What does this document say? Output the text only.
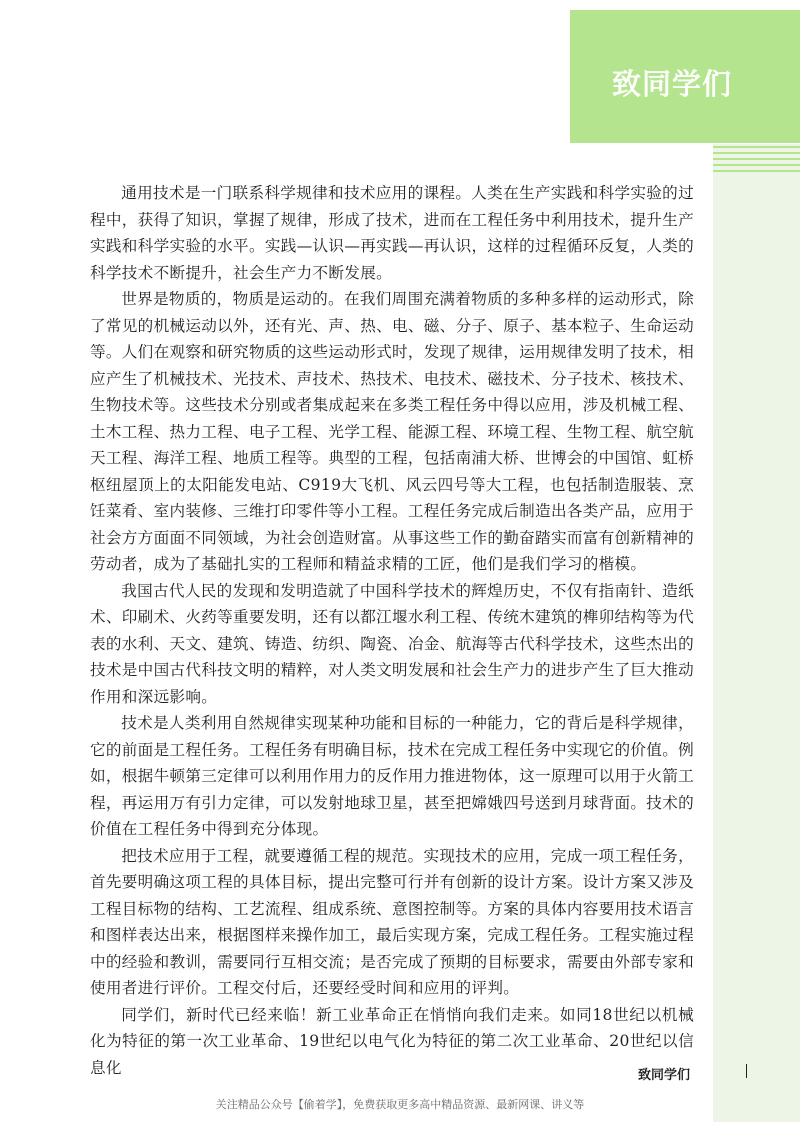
致同学们

通用技术是一门联系科学规律和技术应用的课程。人类在生产实践和科学实验的过程中，获得了知识，掌握了规律，形成了技术，进而在工程任务中利用技术，提升生产实践和科学实验的水平。实践—认识—再实践—再认识，这样的过程循环反复，人类的科学技术不断提升，社会生产力不断发展。

世界是物质的，物质是运动的。在我们周围充满着物质的多种多样的运动形式，除了常见的机械运动以外，还有光、声、热、电、磁、分子、原子、基本粒子、生命运动等。人们在观察和研究物质的这些运动形式时，发现了规律，运用规律发明了技术，相应产生了机械技术、光技术、声技术、热技术、电技术、磁技术、分子技术、核技术、生物技术等。这些技术分别或者集成起来在多类工程任务中得以应用，涉及机械工程、土木工程、热力工程、电子工程、光学工程、能源工程、环境工程、生物工程、航空航天工程、海洋工程、地质工程等。典型的工程，包括南浦大桥、世博会的中国馆、虹桥枢纽屋顶上的太阳能发电站、C919大飞机、风云四号等大工程，也包括制造服装、烹饪菜肴、室内装修、三维打印零件等小工程。工程任务完成后制造出各类产品，应用于社会方方面面不同领域，为社会创造财富。从事这些工作的勤奋踏实而富有创新精神的劳动者，成为了基础扎实的工程师和精益求精的工匠，他们是我们学习的楷模。

我国古代人民的发现和发明造就了中国科学技术的辉煌历史，不仅有指南针、造纸术、印刷术、火药等重要发明，还有以都江堰水利工程、传统木建筑的榫卯结构等为代表的水利、天文、建筑、铸造、纺织、陶瓷、冶金、航海等古代科学技术，这些杰出的技术是中国古代科技文明的精粹，对人类文明发展和社会生产力的进步产生了巨大推动作用和深远影响。

技术是人类利用自然规律实现某种功能和目标的一种能力，它的背后是科学规律，它的前面是工程任务。工程任务有明确目标，技术在完成工程任务中实现它的价值。例如，根据牛顿第三定律可以利用作用力的反作用力推进物体，这一原理可以用于火箭工程，再运用万有引力定律，可以发射地球卫星，甚至把嫦娥四号送到月球背面。技术的价值在工程任务中得到充分体现。

把技术应用于工程，就要遵循工程的规范。实现技术的应用，完成一项工程任务，首先要明确这项工程的具体目标，提出完整可行并有创新的设计方案。设计方案又涉及工程目标物的结构、工艺流程、组成系统、意图控制等。方案的具体内容要用技术语言和图样表达出来，根据图样来操作加工，最后实现方案，完成工程任务。工程实施过程中的经验和教训，需要同行互相交流；是否完成了预期的目标要求，需要由外部专家和使用者进行评价。工程交付后，还要经受时间和应用的评判。

同学们，新时代已经来临！新工业革命正在悄悄向我们走来。如同18世纪以机械化为特征的第一次工业革命、19世纪以电气化为特征的第二次工业革命、20世纪以信息化	致同学们
关注精品公众号【偷着学】，免费获取更多高中精品资源、最新网课、讲义等
